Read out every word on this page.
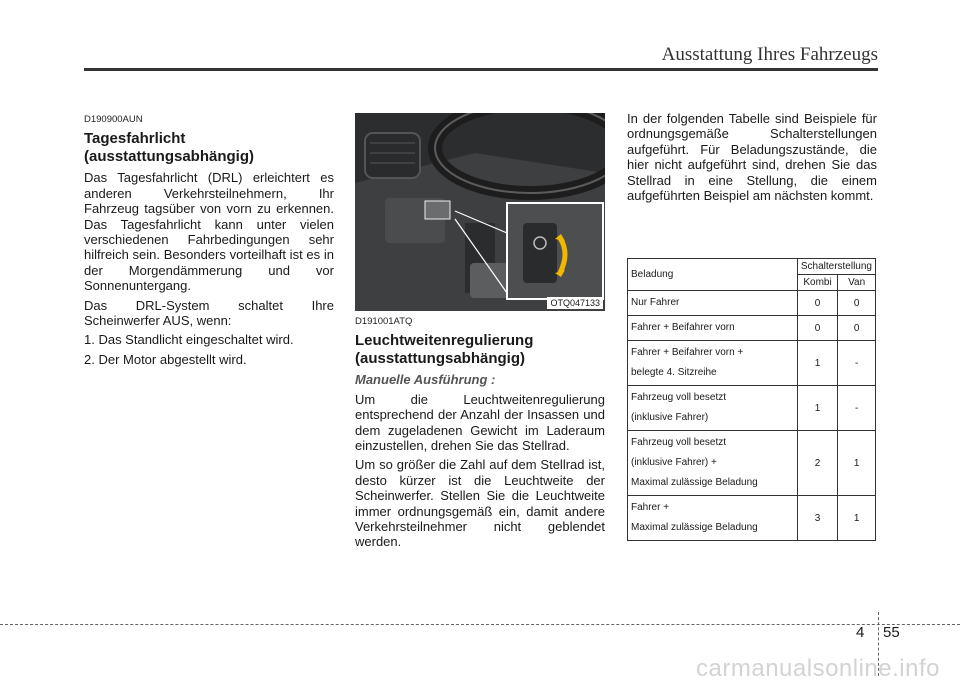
Ausstattung Ihres Fahrzeugs
D190900AUN
Tagesfahrlicht
(ausstattungsabhängig)

Das Tagesfahrlicht (DRL) erleichtert es anderen Verkehrsteilnehmern, Ihr Fahrzeug tagsüber von vorn zu erkennen. Das Tagesfahrlicht kann unter vielen verschiedenen Fahrbedingungen sehr hilfreich sein. Besonders vorteilhaft ist es in der Morgendämmerung und vor Sonnenuntergang.

Das DRL-System schaltet Ihre Scheinwerfer AUS, wenn:

1. Das Standlicht eingeschaltet wird.

2. Der Motor abgestellt wird.

OTQ047133
D191001ATQ
Leuchtweitenregulierung
(ausstattungsabhängig)
Manuelle Ausführung :

Um die Leuchtweitenregulierung entsprechend der Anzahl der Insassen und dem zugeladenen Gewicht im Laderaum einzustellen, drehen Sie das Stellrad.

Um so größer die Zahl auf dem Stellrad ist, desto kürzer ist die Leuchtweite der Scheinwerfer. Stellen Sie die Leuchtweite immer ordnungsgemäß ein, damit andere Verkehrsteilnehmer nicht geblendet werden.

In der folgenden Tabelle sind Beispiele für ordnungsgemäße Schalterstellungen aufgeführt. Für Beladungszustände, die hier nicht aufgeführt sind, drehen Sie das Stellrad in eine Stellung, die einem aufgeführten Beispiel am nächsten kommt.

Beladung	Schalterstellung	
	Kombi	Van

Nur Fahrer	0	0

Fahrer + Beifahrer vorn	0	0

Fahrer + Beifahrer vorn +
belegte 4. Sitzreihe	1	-

Fahrzeug voll besetzt
(inklusive Fahrer)	1	-

Fahrzeug voll besetzt
(inklusive Fahrer) +
Maximal zulässige Beladung	2	1

Fahrer +
Maximal zulässige Beladung	3	1
4 55
carmanualsonline.info
